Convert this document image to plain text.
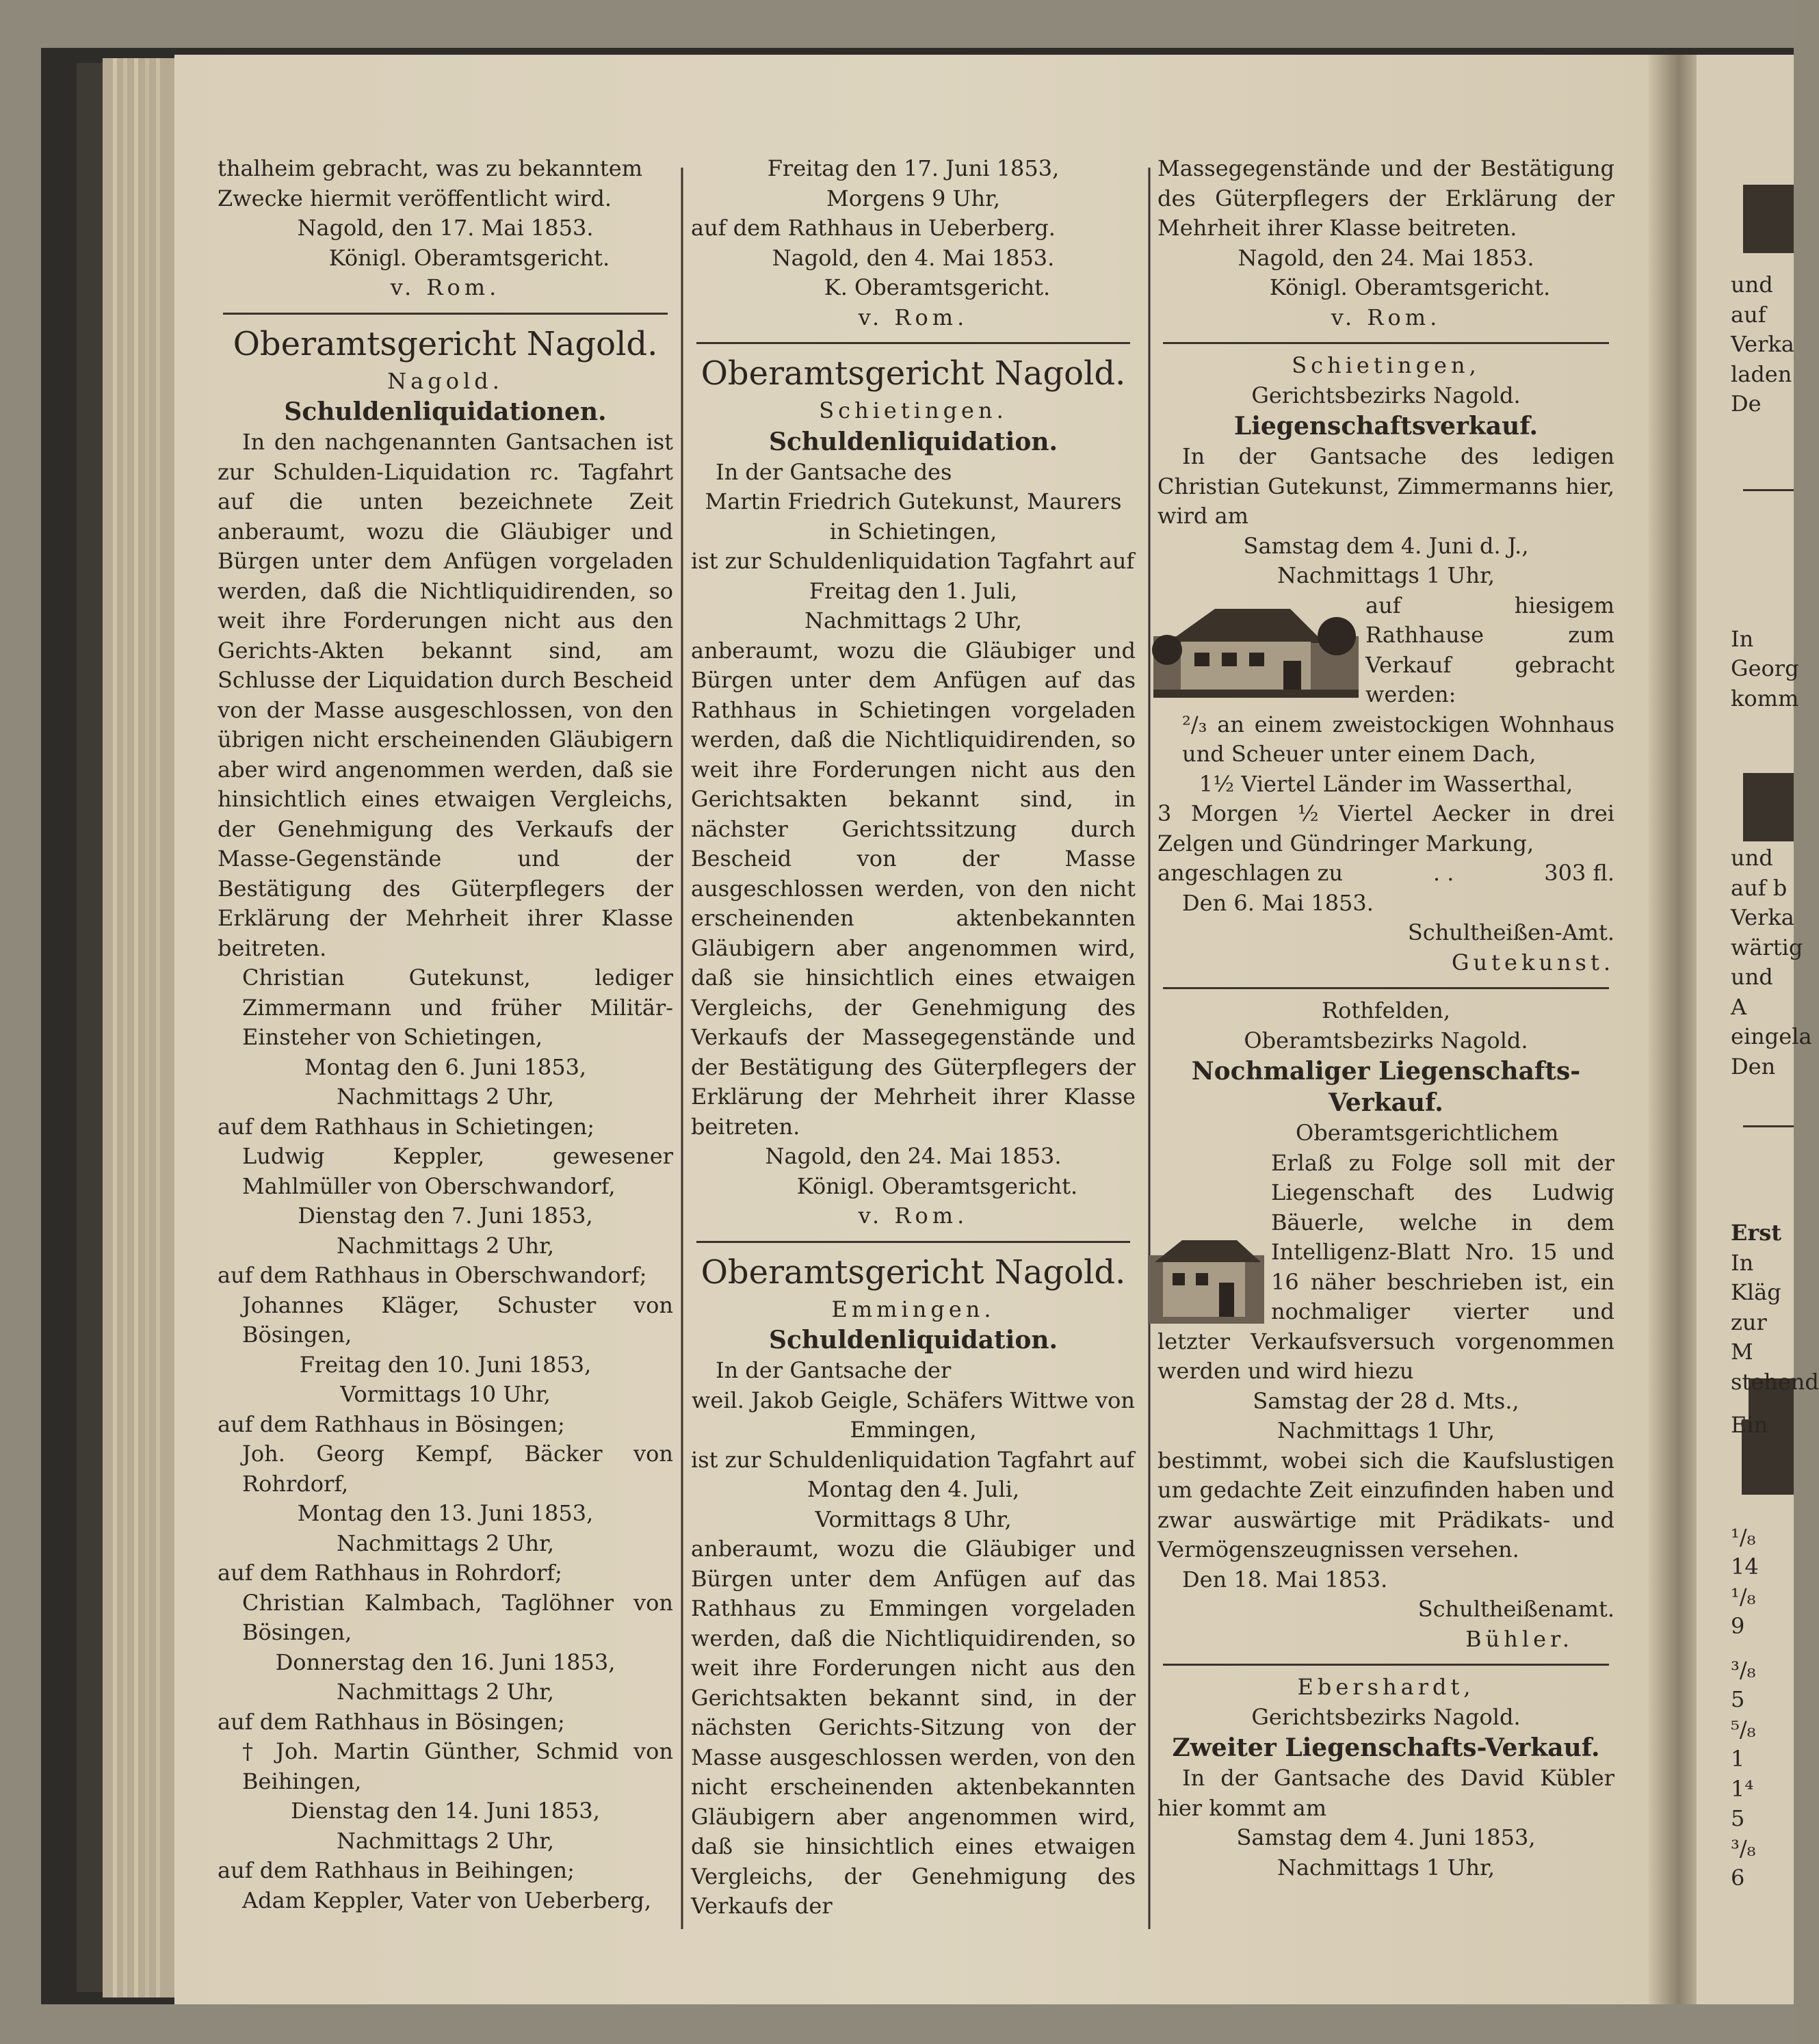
thalheim gebracht, was zu bekanntem

Zwecke hiermit veröffentlicht wird.

Nagold, den 17. Mai 1853.

Königl. Oberamtsgericht.

v. Rom.

Oberamtsgericht Nagold.

Nagold.

Schuldenliquidationen.

In den nachgenannten Gantsachen ist zur Schulden-Liquidation rc. Tagfahrt auf die unten bezeichnete Zeit anberaumt, wozu die Gläubiger und Bürgen unter dem Anfügen vorgeladen werden, daß die Nichtliquidirenden, so weit ihre Forderungen nicht aus den Gerichts-Akten bekannt sind, am Schlusse der Liquidation durch Bescheid von der Masse ausgeschlossen, von den übrigen nicht erscheinenden Gläubigern aber wird angenommen werden, daß sie hinsichtlich eines etwaigen Vergleichs, der Genehmigung des Verkaufs der Masse-Gegenstände und der Bestätigung des Güterpflegers der Erklärung der Mehrheit ihrer Klasse beitreten.

Christian Gutekunst, lediger Zimmermann und früher Militär-Einsteher von Schietingen,

Montag den 6. Juni 1853,

Nachmittags 2 Uhr,

auf dem Rathhaus in Schietingen;

Ludwig Keppler, gewesener Mahlmüller von Oberschwandorf,

Dienstag den 7. Juni 1853,

Nachmittags 2 Uhr,

auf dem Rathhaus in Oberschwandorf;

Johannes Kläger, Schuster von Bösingen,

Freitag den 10. Juni 1853,

Vormittags 10 Uhr,

auf dem Rathhaus in Bösingen;

Joh. Georg Kempf, Bäcker von Rohrdorf,

Montag den 13. Juni 1853,

Nachmittags 2 Uhr,

auf dem Rathhaus in Rohrdorf;

Christian Kalmbach, Taglöhner von Bösingen,

Donnerstag den 16. Juni 1853,

Nachmittags 2 Uhr,

auf dem Rathhaus in Bösingen;

† Joh. Martin Günther, Schmid von Beihingen,

Dienstag den 14. Juni 1853,

Nachmittags 2 Uhr,

auf dem Rathhaus in Beihingen;

Adam Keppler, Vater von Ueberberg,

Freitag den 17. Juni 1853,

Morgens 9 Uhr,

auf dem Rathhaus in Ueberberg.

Nagold, den 4. Mai 1853.

K. Oberamtsgericht.

v. Rom.

Oberamtsgericht Nagold.

Schietingen.

Schuldenliquidation.

In der Gantsache des

Martin Friedrich Gutekunst, Maurers in Schietingen,

ist zur Schuldenliquidation Tagfahrt auf

Freitag den 1. Juli,

Nachmittags 2 Uhr,

anberaumt, wozu die Gläubiger und Bürgen unter dem Anfügen auf das Rathhaus in Schietingen vorgeladen werden, daß die Nichtliquidirenden, so weit ihre Forderungen nicht aus den Gerichtsakten bekannt sind, in nächster Gerichtssitzung durch Bescheid von der Masse ausgeschlossen werden, von den nicht erscheinenden aktenbekannten Gläubigern aber angenommen wird, daß sie hinsichtlich eines etwaigen Vergleichs, der Genehmigung des Verkaufs der Massegegenstände und der Bestätigung des Güterpflegers der Erklärung der Mehrheit ihrer Klasse beitreten.

Nagold, den 24. Mai 1853.

Königl. Oberamtsgericht.

v. Rom.

Oberamtsgericht Nagold.

Emmingen.

Schuldenliquidation.

In der Gantsache der

weil. Jakob Geigle, Schäfers Wittwe von Emmingen,

ist zur Schuldenliquidation Tagfahrt auf

Montag den 4. Juli,

Vormittags 8 Uhr,

anberaumt, wozu die Gläubiger und Bürgen unter dem Anfügen auf das Rathhaus zu Emmingen vorgeladen werden, daß die Nichtliquidirenden, so weit ihre Forderungen nicht aus den Gerichtsakten bekannt sind, in der nächsten Gerichts-Sitzung von der Masse ausgeschlossen werden, von den nicht erscheinenden aktenbekannten Gläubigern aber angenommen wird, daß sie hinsichtlich eines etwaigen Vergleichs, der Genehmigung des Verkaufs der

Massegegenstände und der Bestätigung des Güterpflegers der Erklärung der Mehrheit ihrer Klasse beitreten.

Nagold, den 24. Mai 1853.

Königl. Oberamtsgericht.

v. Rom.

Schietingen,

Gerichtsbezirks Nagold.

Liegenschaftsverkauf.

In der Gantsache des ledigen Christian Gutekunst, Zimmermanns hier, wird am

Samstag dem 4. Juni d. J.,

Nachmittags 1 Uhr,

auf hiesigem Rathhause zum Verkauf gebracht werden:

²/₃ an einem zweistockigen Wohnhaus und Scheuer unter einem Dach,

1½ Viertel Länder im Wasserthal,

3 Morgen ½ Viertel Aecker in drei Zelgen und Gündringer Markung,

angeschlagen zu	. .	303 fl.

Den 6. Mai 1853.

Schultheißen-Amt.

Gutekunst.

Rothfelden,

Oberamtsbezirks Nagold.

Nochmaliger Liegenschafts-Verkauf.

Oberamtsgerichtlichem Erlaß zu Folge soll mit der Liegenschaft des Ludwig Bäuerle, welche in dem Intelligenz-Blatt Nro. 15 und 16 näher beschrieben ist, ein nochmaliger vierter und letzter Verkaufsversuch vorgenommen werden und wird hiezu

Samstag der 28 d. Mts.,

Nachmittags 1 Uhr,

bestimmt, wobei sich die Kaufslustigen um gedachte Zeit einzufinden haben und zwar auswärtige mit Prädikats- und Vermögenszeugnissen versehen.

Den 18. Mai 1853.

Schultheißenamt.

Bühler.

Ebershardt,

Gerichtsbezirks Nagold.

Zweiter Liegenschafts-Verkauf.

In der Gantsache des David Kübler hier kommt am

Samstag dem 4. Juni 1853,

Nachmittags 1 Uhr,

und
auf
Verka
laden
De
In
Georg
komm
und
auf b
Verka
wärtig
und A
eingela
Den
Erst
In
Kläg
zur M
stehend
Ein
¹/₈
14
¹/₈
9
³/₈
5
⁵/₈
1
1⁴
5
³/₈
6
